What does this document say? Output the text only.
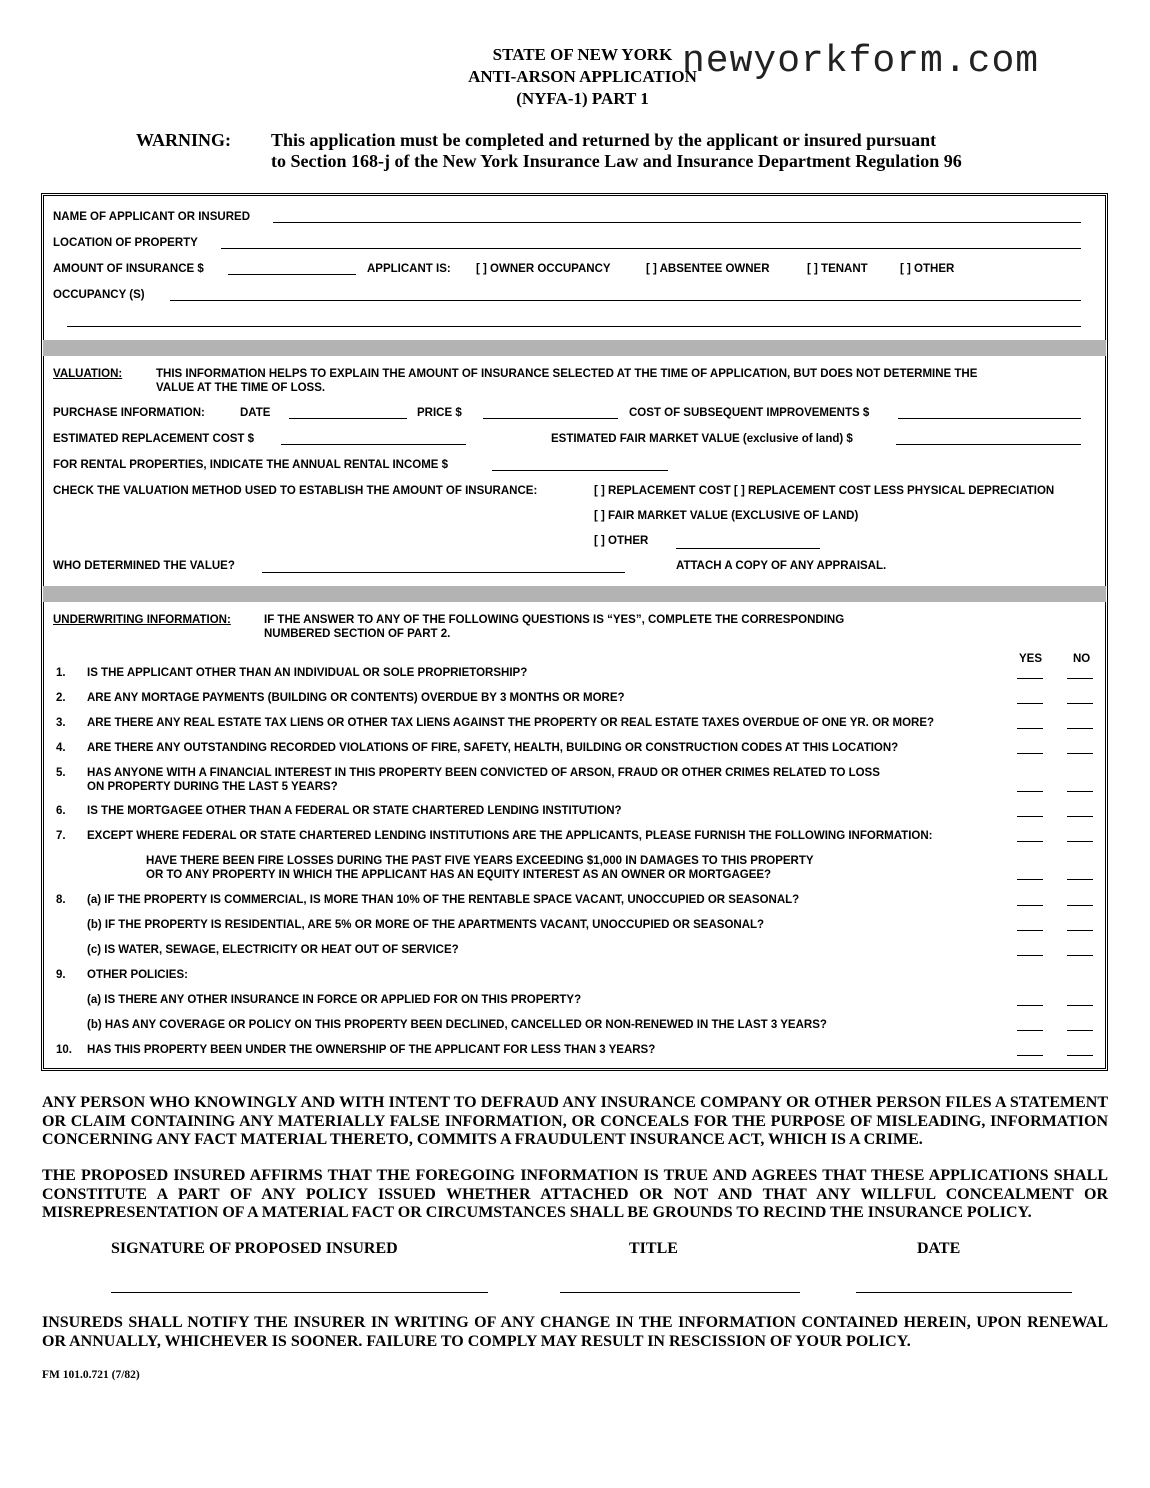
STATE OF NEW YORK
ANTI-ARSON APPLICATION
(NYFA-1) PART 1
newyorkform.com
WARNING: This application must be completed and returned by the applicant or insured pursuant
to Section 168-j of the New York Insurance Law and Insurance Department Regulation 96
NAME OF APPLICANT OR INSURED
LOCATION OF PROPERTY
AMOUNT OF INSURANCE $	APPLICANT IS: [ ] OWNER OCCUPANCY	[ ] ABSENTEE OWNER	[ ] TENANT	[ ] OTHER
OCCUPANCY (S)
VALUATION:	THIS INFORMATION HELPS TO EXPLAIN THE AMOUNT OF INSURANCE SELECTED AT THE TIME OF APPLICATION, BUT DOES NOT DETERMINE THE
VALUE AT THE TIME OF LOSS.
PURCHASE INFORMATION:	DATE	PRICE $	COST OF SUBSEQUENT IMPROVEMENTS $
ESTIMATED REPLACEMENT COST $	ESTIMATED FAIR MARKET VALUE (exclusive of land) $
FOR RENTAL PROPERTIES, INDICATE THE ANNUAL RENTAL INCOME $
CHECK THE VALUATION METHOD USED TO ESTABLISH THE AMOUNT OF INSURANCE:	[ ] REPLACEMENT COST [ ] REPLACEMENT COST LESS PHYSICAL DEPRECIATION
[ ] FAIR MARKET VALUE (EXCLUSIVE OF LAND)
[ ] OTHER
WHO DETERMINED THE VALUE?	ATTACH A COPY OF ANY APPRAISAL.
UNDERWRITING INFORMATION:	IF THE ANSWER TO ANY OF THE FOLLOWING QUESTIONS IS “YES”, COMPLETE THE CORRESPONDING
NUMBERED SECTION OF PART 2.
YES	NO
1. IS THE APPLICANT OTHER THAN AN INDIVIDUAL OR SOLE PROPRIETORSHIP?
2. ARE ANY MORTAGE PAYMENTS (BUILDING OR CONTENTS) OVERDUE BY 3 MONTHS OR MORE?
3. ARE THERE ANY REAL ESTATE TAX LIENS OR OTHER TAX LIENS AGAINST THE PROPERTY OR REAL ESTATE TAXES OVERDUE OF ONE YR. OR MORE?
4. ARE THERE ANY OUTSTANDING RECORDED VIOLATIONS OF FIRE, SAFETY, HEALTH, BUILDING OR CONSTRUCTION CODES AT THIS LOCATION?
5. HAS ANYONE WITH A FINANCIAL INTEREST IN THIS PROPERTY BEEN CONVICTED OF ARSON, FRAUD OR OTHER CRIMES RELATED TO LOSS
ON PROPERTY DURING THE LAST 5 YEARS?
6. IS THE MORTGAGEE OTHER THAN A FEDERAL OR STATE CHARTERED LENDING INSTITUTION?
7. EXCEPT WHERE FEDERAL OR STATE CHARTERED LENDING INSTITUTIONS ARE THE APPLICANTS, PLEASE FURNISH THE FOLLOWING INFORMATION:
HAVE THERE BEEN FIRE LOSSES DURING THE PAST FIVE YEARS EXCEEDING $1,000 IN DAMAGES TO THIS PROPERTY
OR TO ANY PROPERTY IN WHICH THE APPLICANT HAS AN EQUITY INTEREST AS AN OWNER OR MORTGAGEE?
8. (a) IF THE PROPERTY IS COMMERCIAL, IS MORE THAN 10% OF THE RENTABLE SPACE VACANT, UNOCCUPIED OR SEASONAL?
(b) IF THE PROPERTY IS RESIDENTIAL, ARE 5% OR MORE OF THE APARTMENTS VACANT, UNOCCUPIED OR SEASONAL?
(c) IS WATER, SEWAGE, ELECTRICITY OR HEAT OUT OF SERVICE?
9. OTHER POLICIES:
(a) IS THERE ANY OTHER INSURANCE IN FORCE OR APPLIED FOR ON THIS PROPERTY?
(b) HAS ANY COVERAGE OR POLICY ON THIS PROPERTY BEEN DECLINED, CANCELLED OR NON-RENEWED IN THE LAST 3 YEARS?
10. HAS THIS PROPERTY BEEN UNDER THE OWNERSHIP OF THE APPLICANT FOR LESS THAN 3 YEARS?
ANY PERSON WHO KNOWINGLY AND WITH INTENT TO DEFRAUD ANY INSURANCE COMPANY OR OTHER PERSON FILES A STATEMENT OR CLAIM CONTAINING ANY MATERIALLY FALSE INFORMATION, OR CONCEALS FOR THE PURPOSE OF MISLEADING, INFORMATION CONCERNING ANY FACT MATERIAL THERETO, COMMITS A FRAUDULENT INSURANCE ACT, WHICH IS A CRIME.
THE PROPOSED INSURED AFFIRMS THAT THE FOREGOING INFORMATION IS TRUE AND AGREES THAT THESE APPLICATIONS SHALL CONSTITUTE A PART OF ANY POLICY ISSUED WHETHER ATTACHED OR NOT AND THAT ANY WILLFUL CONCEALMENT OR MISREPRESENTATION OF A MATERIAL FACT OR CIRCUMSTANCES SHALL BE GROUNDS TO RECIND THE INSURANCE POLICY.
SIGNATURE OF PROPOSED INSURED	TITLE	DATE
INSUREDS SHALL NOTIFY THE INSURER IN WRITING OF ANY CHANGE IN THE INFORMATION CONTAINED HEREIN, UPON RENEWAL OR ANNUALLY, WHICHEVER IS SOONER. FAILURE TO COMPLY MAY RESULT IN RESCISSION OF YOUR POLICY.
FM 101.0.721 (7/82)
